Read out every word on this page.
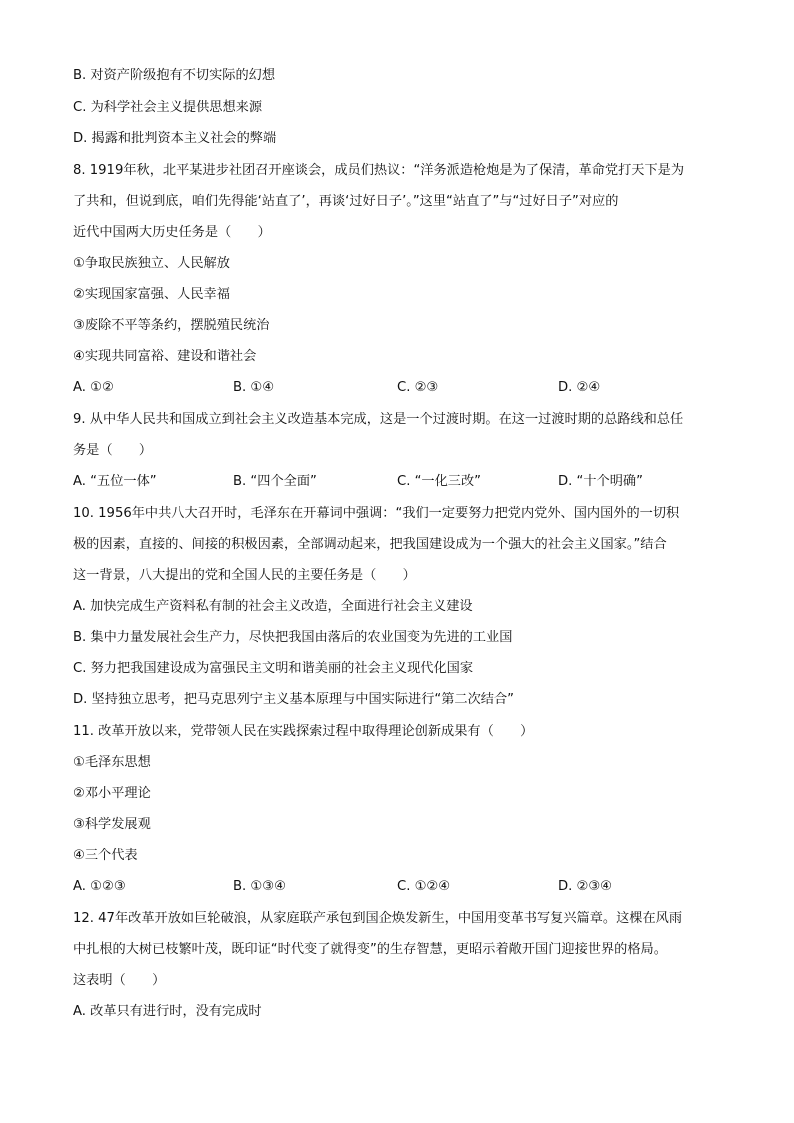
B. 对资产阶级抱有不切实际的幻想
C. 为科学社会主义提供思想来源
D. 揭露和批判资本主义社会的弊端
8. 1919年秋，北平某进步社团召开座谈会，成员们热议：“洋务派造枪炮是为了保清，革命党打天下是为
了共和，但说到底，咱们先得能‘站直了’，再谈‘过好日子’。”这里“站直了”与“过好日子”对应的
近代中国两大历史任务是（　　）
①争取民族独立、人民解放
②实现国家富强、人民幸福
③废除不平等条约，摆脱殖民统治
④实现共同富裕、建设和谐社会
A. ①②	B. ①④	C. ②③	D. ②④
9. 从中华人民共和国成立到社会主义改造基本完成，这是一个过渡时期。在这一过渡时期的总路线和总任
务是（　　）
A. “五位一体”	B. “四个全面”	C. “一化三改”	D. “十个明确”
10. 1956年中共八大召开时，毛泽东在开幕词中强调：“我们一定要努力把党内党外、国内国外的一切积
极的因素，直接的、间接的积极因素，全部调动起来，把我国建设成为一个强大的社会主义国家。”结合
这一背景，八大提出的党和全国人民的主要任务是（　　）
A. 加快完成生产资料私有制的社会主义改造，全面进行社会主义建设
B. 集中力量发展社会生产力，尽快把我国由落后的农业国变为先进的工业国
C. 努力把我国建设成为富强民主文明和谐美丽的社会主义现代化国家
D. 坚持独立思考，把马克思列宁主义基本原理与中国实际进行“第二次结合”
11. 改革开放以来，党带领人民在实践探索过程中取得理论创新成果有（　　）
①毛泽东思想
②邓小平理论
③科学发展观
④三个代表
A. ①②③	B. ①③④	C. ①②④	D. ②③④
12. 47年改革开放如巨轮破浪，从家庭联产承包到国企焕发新生，中国用变革书写复兴篇章。这棵在风雨
中扎根的大树已枝繁叶茂，既印证“时代变了就得变”的生存智慧，更昭示着敞开国门迎接世界的格局。
这表明（　　）
A. 改革只有进行时，没有完成时
